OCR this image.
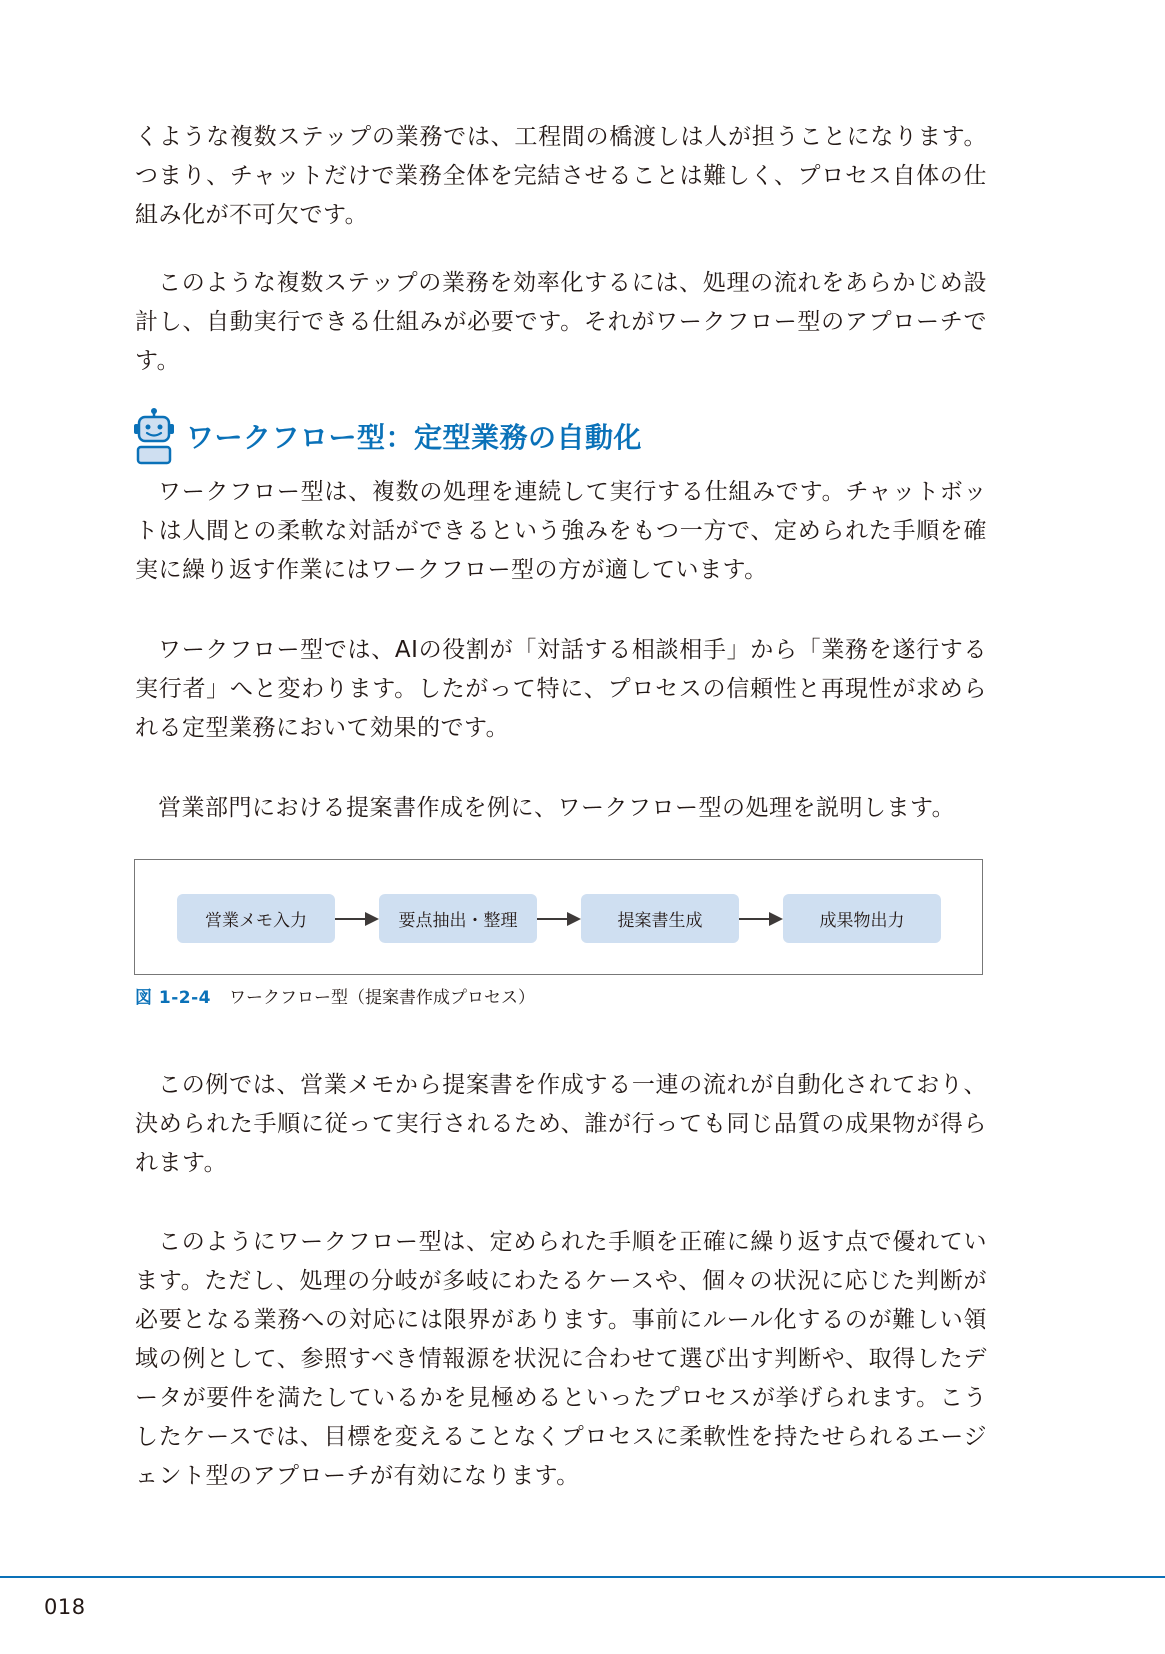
くような複数ステップの業務では、工程間の橋渡しは人が担うことになります。つまり、チャットだけで業務全体を完結させることは難しく、プロセス自体の仕組み化が不可欠です。

このような複数ステップの業務を効率化するには、処理の流れをあらかじめ設計し、自動実行できる仕組みが必要です。それがワークフロー型のアプローチです。

ワークフロー型：定型業務の自動化

ワークフロー型は、複数の処理を連続して実行する仕組みです。チャットボットは人間との柔軟な対話ができるという強みをもつ一方で、定められた手順を確実に繰り返す作業にはワークフロー型の方が適しています。

ワークフロー型では、AIの役割が「対話する相談相手」から「業務を遂行する実行者」へと変わります。したがって特に、プロセスの信頼性と再現性が求められる定型業務において効果的です。

営業部門における提案書作成を例に、ワークフロー型の処理を説明します。

営業メモ入力	要点抽出・整理	提案書生成	成果物出力
図 1-2-4 ワークフロー型（提案書作成プロセス）

この例では、営業メモから提案書を作成する一連の流れが自動化されており、決められた手順に従って実行されるため、誰が行っても同じ品質の成果物が得られます。

このようにワークフロー型は、定められた手順を正確に繰り返す点で優れています。ただし、処理の分岐が多岐にわたるケースや、個々の状況に応じた判断が必要となる業務への対応には限界があります。事前にルール化するのが難しい領域の例として、参照すべき情報源を状況に合わせて選び出す判断や、取得したデータが要件を満たしているかを見極めるといったプロセスが挙げられます。こうしたケースでは、目標を変えることなくプロセスに柔軟性を持たせられるエージェント型のアプローチが有効になります。

018
